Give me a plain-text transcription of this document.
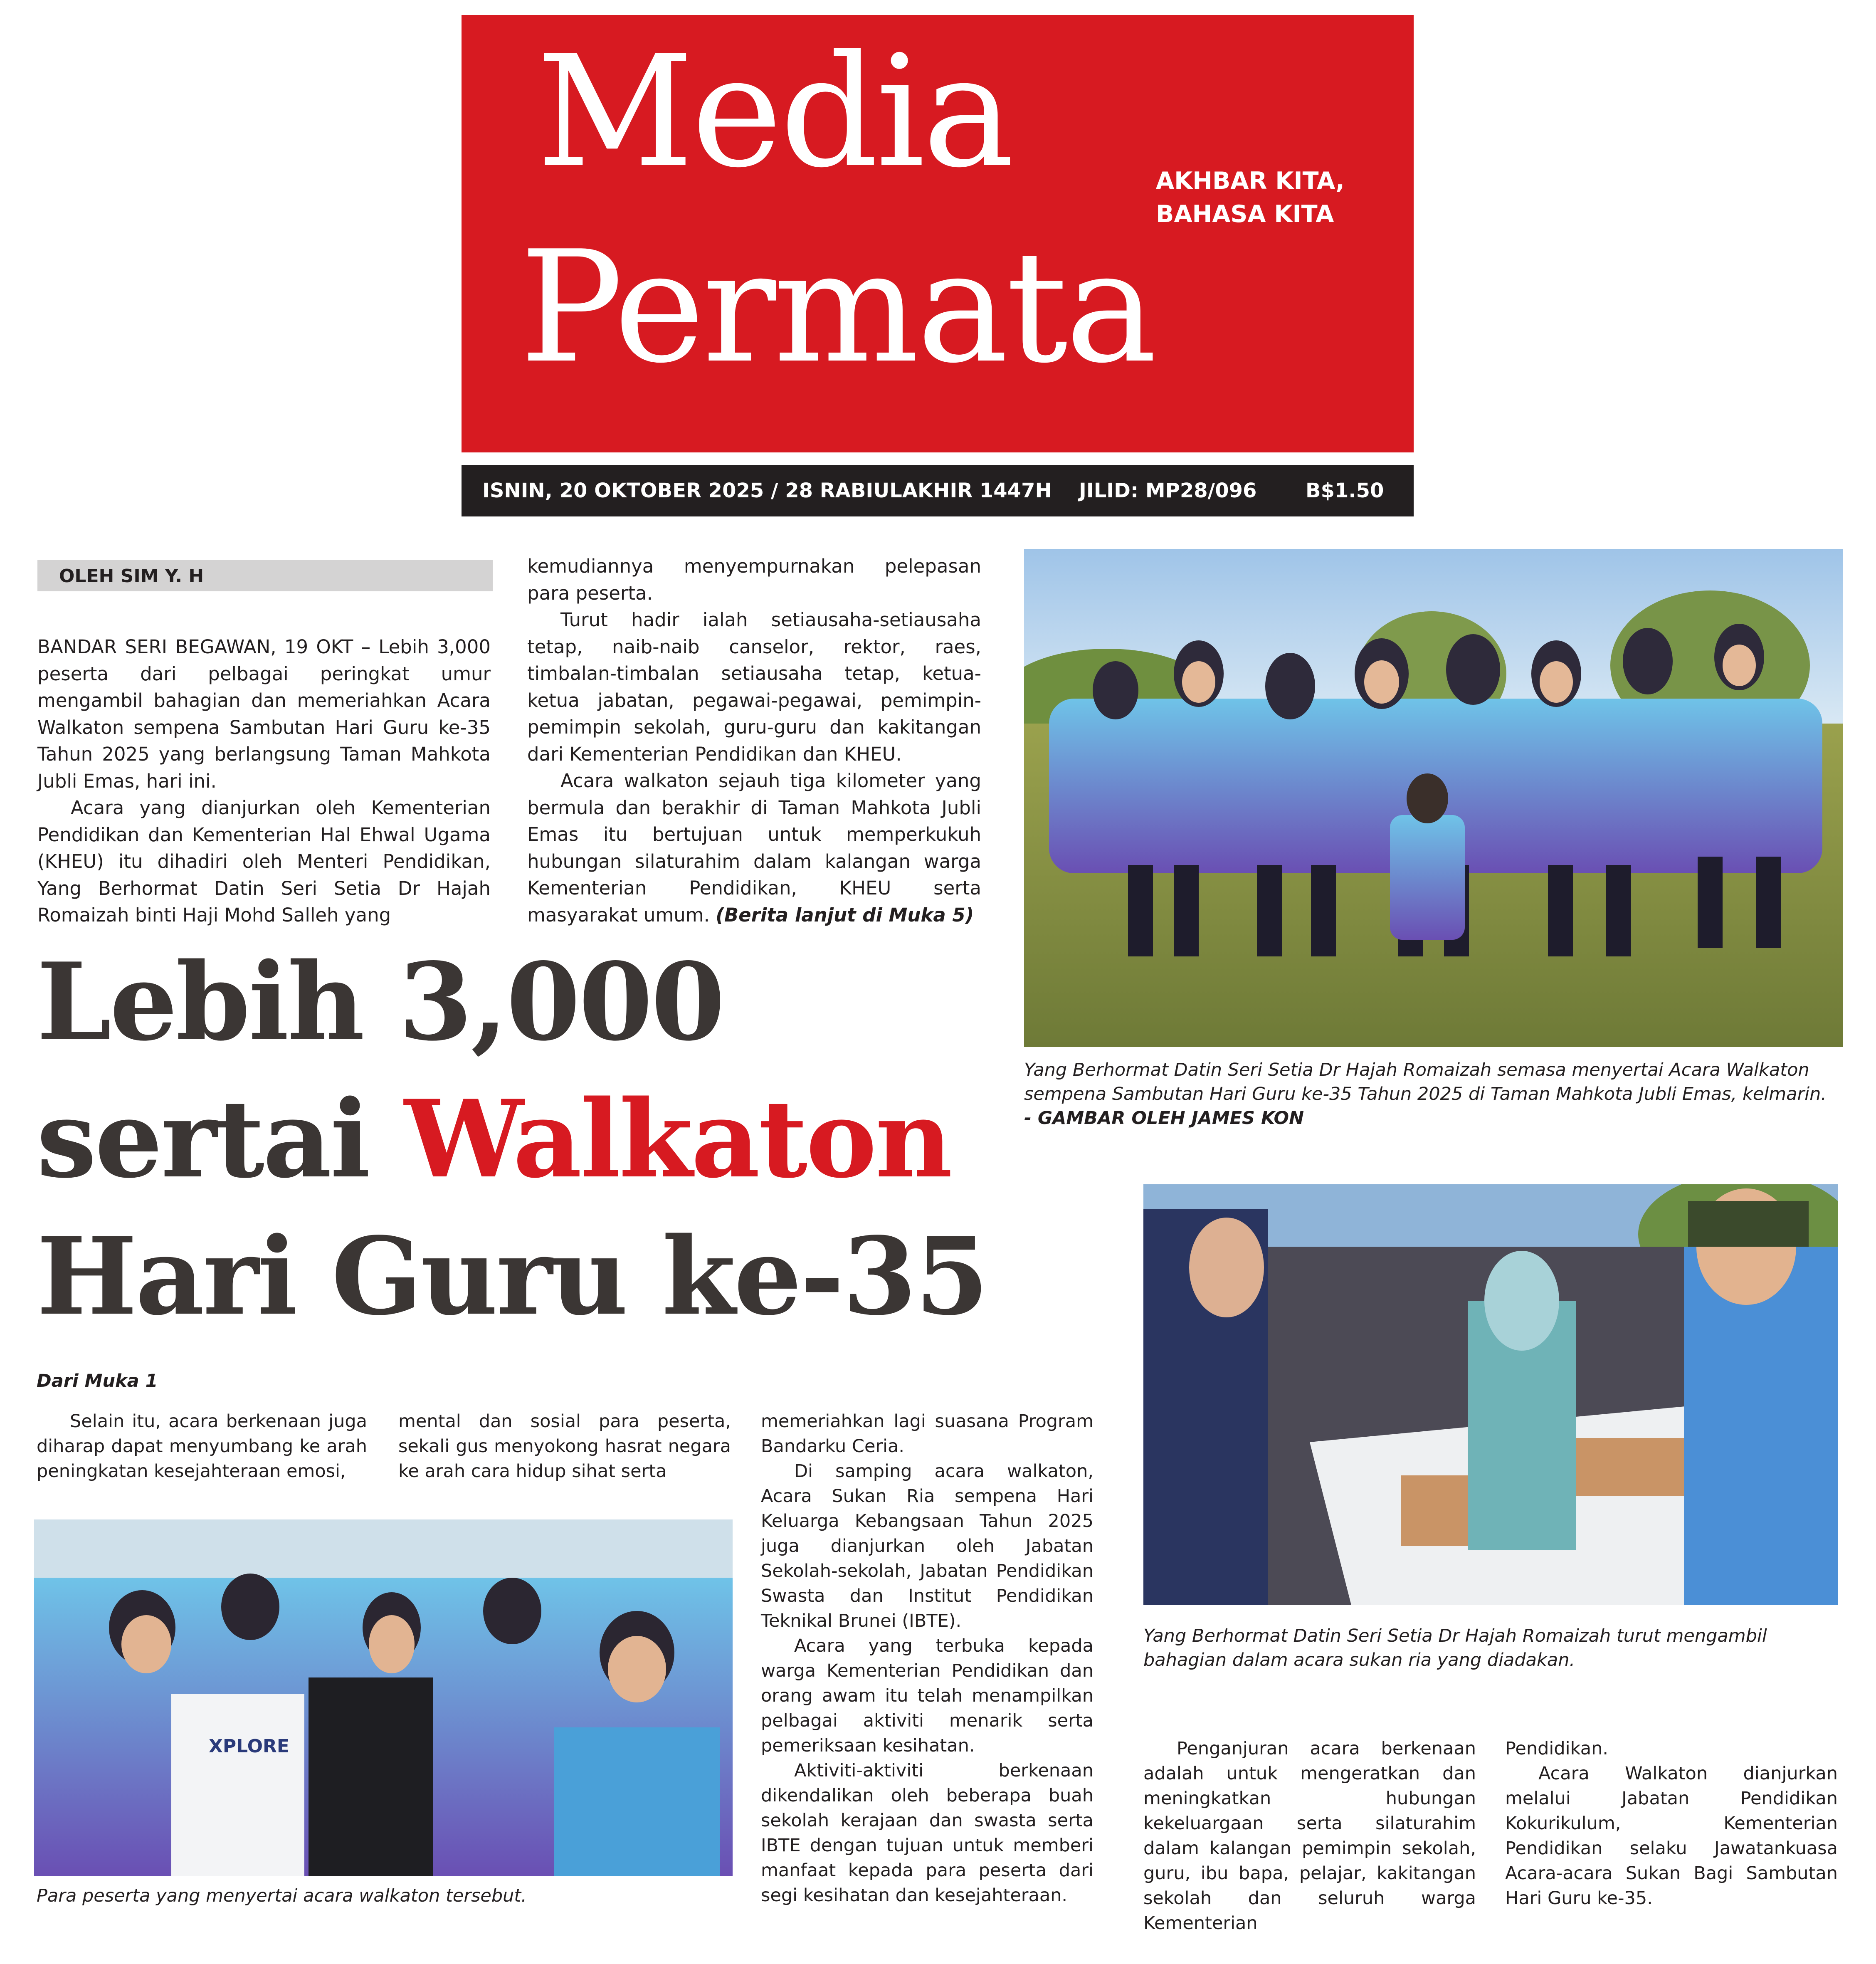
Media
Permata
AKHBAR KITA,
BAHASA KITA
ISNIN, 20 OKTOBER 2025 / 28 RABIULAKHIR 1447H JILID: MP28/096 B$1.50
OLEH SIM Y. H

BANDAR SERI BEGAWAN, 19 OKT – Lebih 3,000 peserta dari pelbagai peringkat umur mengambil bahagian dan memeriahkan Acara Walkaton sempena Sambutan Hari Guru ke-35 Tahun 2025 yang berlangsung Taman Mahkota Jubli Emas, hari ini.

Acara yang dianjurkan oleh Kementerian Pendidikan dan Kementerian Hal Ehwal Ugama (KHEU) itu dihadiri oleh Menteri Pendidikan, Yang Berhormat Datin Seri Setia Dr Hajah Romaizah binti Haji Mohd Salleh yang

kemudiannya menyempurnakan pelepasan para peserta.

Turut hadir ialah setiausaha-setiausaha tetap, naib-naib canselor, rektor, raes, timbalan-timbalan setiausaha tetap, ketua-ketua jabatan, pegawai-pegawai, pemimpin-pemimpin sekolah, guru-guru dan kakitangan dari Kementerian Pendidikan dan KHEU.

Acara walkaton sejauh tiga kilometer yang bermula dan berakhir di Taman Mahkota Jubli Emas itu bertujuan untuk memperkukuh hubungan silaturahim dalam kalangan warga Kementerian Pendidikan, KHEU serta masyarakat umum. (Berita lanjut di Muka 5)

Yang Berhormat Datin Seri Setia Dr Hajah Romaizah semasa menyertai Acara Walkaton sempena Sambutan Hari Guru ke-35 Tahun 2025 di Taman Mahkota Jubli Emas, kelmarin.
- GAMBAR OLEH JAMES KON
Lebih 3,000
sertai Walkaton
Hari Guru ke-35
Yang Berhormat Datin Seri Setia Dr Hajah Romaizah turut mengambil bahagian dalam acara sukan ria yang diadakan.
Dari Muka 1

Selain itu, acara berkenaan juga diharap dapat menyumbang ke arah peningkatan kesejahteraan emosi,

mental dan sosial para peserta, sekali gus menyokong hasrat negara ke arah cara hidup sihat serta

XPLORE
Para peserta yang menyertai acara walkaton tersebut.

memeriahkan lagi suasana Program Bandarku Ceria.

Di samping acara walkaton, Acara Sukan Ria sempena Hari Keluarga Kebangsaan Tahun 2025 juga dianjurkan oleh Jabatan Sekolah-sekolah, Jabatan Pendidikan Swasta dan Institut Pendidikan Teknikal Brunei (IBTE).

Acara yang terbuka kepada warga Kementerian Pendidikan dan orang awam itu telah menampilkan pelbagai aktiviti menarik serta pemeriksaan kesihatan.

Aktiviti-aktiviti berkenaan dikendalikan oleh beberapa buah sekolah kerajaan dan swasta serta IBTE dengan tujuan untuk memberi manfaat kepada para peserta dari segi kesihatan dan kesejahteraan.

Penganjuran acara berkenaan adalah untuk mengeratkan dan meningkatkan hubungan kekeluargaan serta silaturahim dalam kalangan pemimpin sekolah, guru, ibu bapa, pelajar, kakitangan sekolah dan seluruh warga Kementerian

Pendidikan.

Acara Walkaton dianjurkan melalui Jabatan Pendidikan Kokurikulum, Kementerian Pendidikan selaku Jawatankuasa Acara-acara Sukan Bagi Sambutan Hari Guru ke-35.
